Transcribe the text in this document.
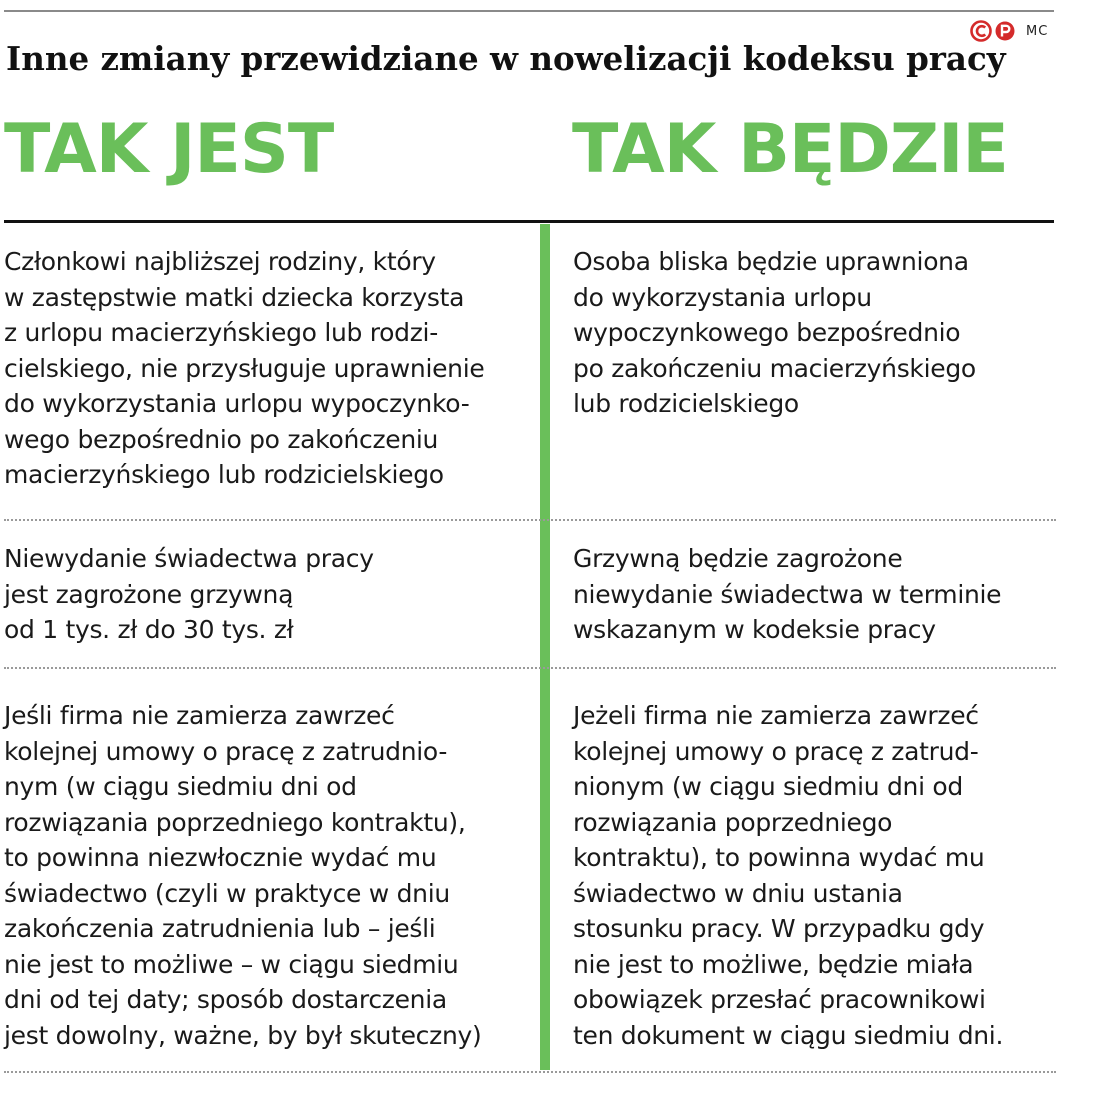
MC
Inne zmiany przewidziane w nowelizacji kodeksu pracy
TAK JEST	TAK BĘDZIE
Członkowi najbliższej rodziny, który
w zastępstwie matki dziecka korzysta
z urlopu macierzyńskiego lub rodzi-
cielskiego, nie przysługuje uprawnienie
do wykorzystania urlopu wypoczynko-
wego bezpośrednio po zakończeniu
macierzyńskiego lub rodzicielskiego
Osoba bliska będzie uprawniona
do wykorzystania urlopu
wypoczynkowego bezpośrednio
po zakończeniu macierzyńskiego
lub rodzicielskiego
Niewydanie świadectwa pracy
jest zagrożone grzywną
od 1 tys. zł do 30 tys. zł
Grzywną będzie zagrożone
niewydanie świadectwa w terminie
wskazanym w kodeksie pracy
Jeśli firma nie zamierza zawrzeć
kolejnej umowy o pracę z zatrudnio-
nym (w ciągu siedmiu dni od
rozwiązania poprzedniego kontraktu),
to powinna niezwłocznie wydać mu
świadectwo (czyli w praktyce w dniu
zakończenia zatrudnienia lub – jeśli
nie jest to możliwe – w ciągu siedmiu
dni od tej daty; sposób dostarczenia
jest dowolny, ważne, by był skuteczny)
Jeżeli firma nie zamierza zawrzeć
kolejnej umowy o pracę z zatrud-
nionym (w ciągu siedmiu dni od
rozwiązania poprzedniego
kontraktu), to powinna wydać mu
świadectwo w dniu ustania
stosunku pracy. W przypadku gdy
nie jest to możliwe, będzie miała
obowiązek przesłać pracownikowi
ten dokument w ciągu siedmiu dni.
